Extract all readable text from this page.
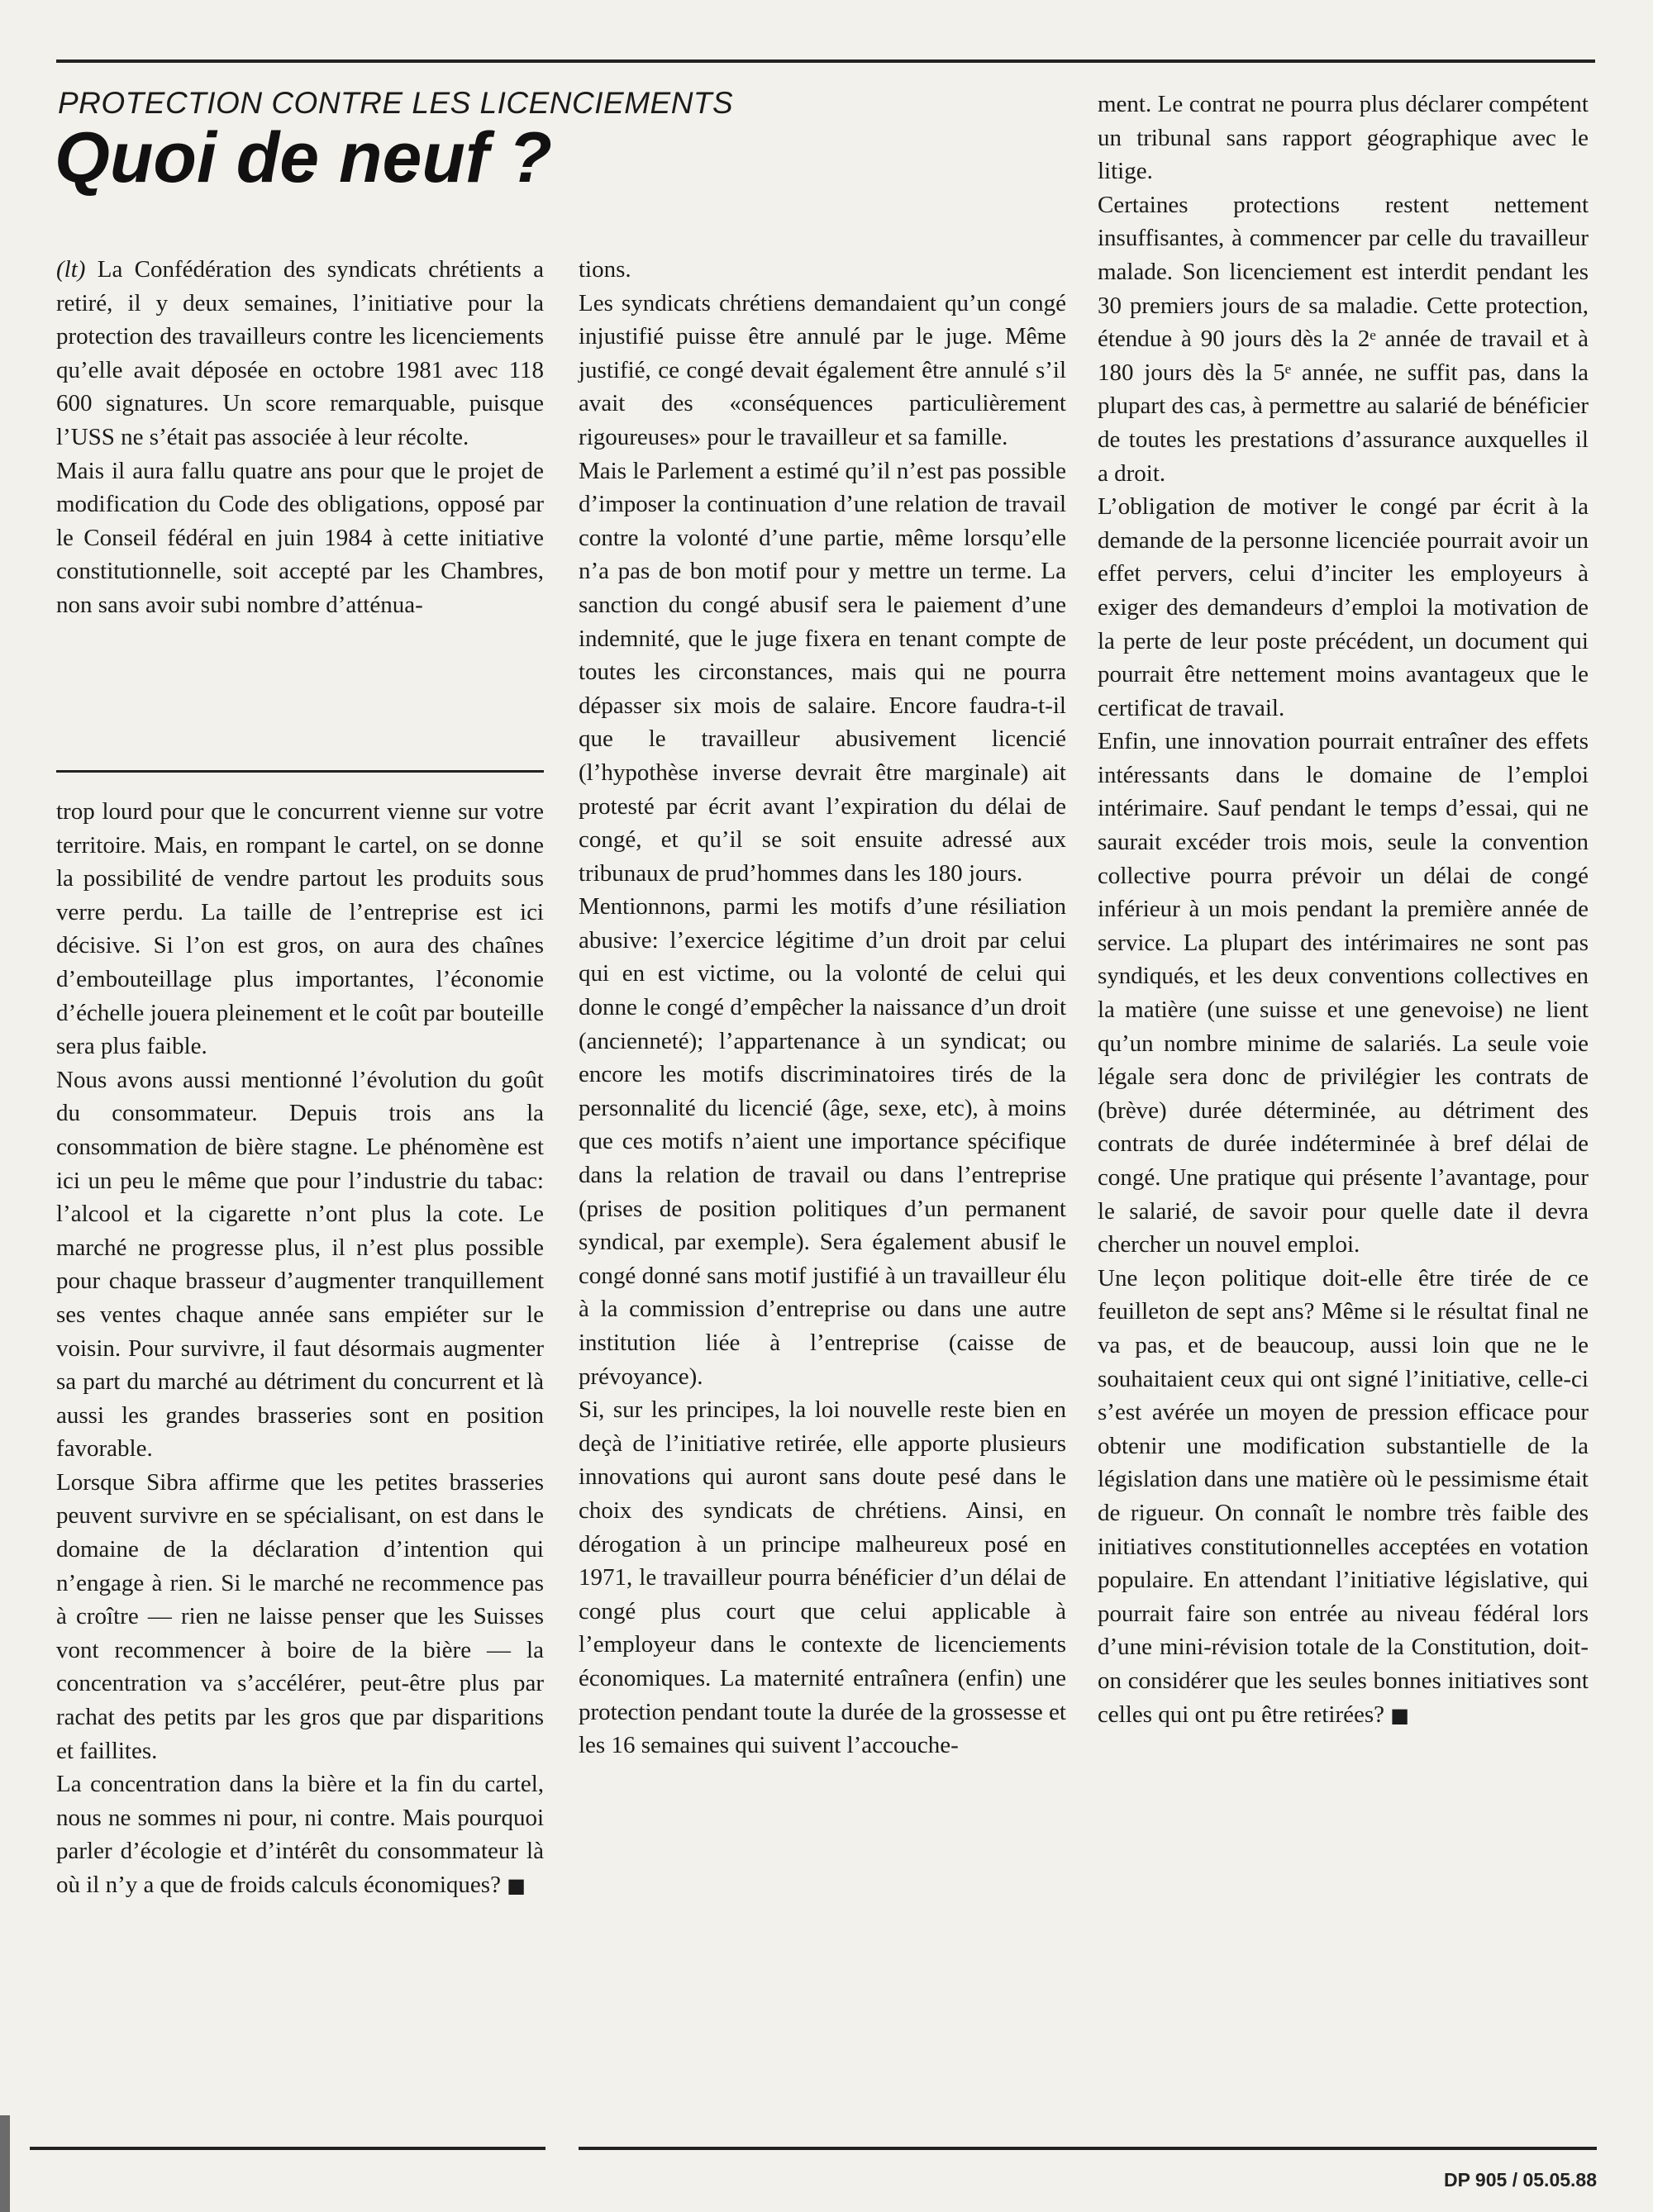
PROTECTION CONTRE LES LICENCIEMENTS
Quoi de neuf ?

(lt) La Confédération des syndicats chrétients a retiré, il y deux semaines, l’initiative pour la protection des travailleurs contre les licenciements qu’elle avait déposée en octobre 1981 avec 118 600 signatures. Un score remarquable, puisque l’USS ne s’était pas associée à leur récolte.

Mais il aura fallu quatre ans pour que le projet de modification du Code des obligations, opposé par le Conseil fédéral en juin 1984 à cette initiative constitutionnelle, soit accepté par les Chambres, non sans avoir subi nombre d’atténua-

trop lourd pour que le concurrent vienne sur votre territoire. Mais, en rompant le cartel, on se donne la possibilité de vendre partout les produits sous verre perdu. La taille de l’entreprise est ici décisive. Si l’on est gros, on aura des chaînes d’embouteillage plus importantes, l’économie d’échelle jouera pleinement et le coût par bouteille sera plus faible.

Nous avons aussi mentionné l’évolution du goût du consommateur. Depuis trois ans la consommation de bière stagne. Le phénomène est ici un peu le même que pour l’industrie du tabac: l’alcool et la cigarette n’ont plus la cote. Le marché ne progresse plus, il n’est plus possible pour chaque brasseur d’augmenter tranquillement ses ventes chaque année sans empiéter sur le voisin. Pour survivre, il faut désormais augmenter sa part du marché au détriment du concurrent et là aussi les grandes brasseries sont en position favorable.

Lorsque Sibra affirme que les petites brasseries peuvent survivre en se spécialisant, on est dans le domaine de la déclaration d’intention qui n’engage à rien. Si le marché ne recommence pas à croître — rien ne laisse penser que les Suisses vont recommencer à boire de la bière — la concentration va s’accélérer, peut-être plus par rachat des petits par les gros que par disparitions et faillites.

La concentration dans la bière et la fin du cartel, nous ne sommes ni pour, ni contre. Mais pourquoi parler d’écologie et d’intérêt du consommateur là où il n’y a que de froids calculs économiques? ■

tions.

Les syndicats chrétiens demandaient qu’un congé injustifié puisse être annulé par le juge. Même justifié, ce congé devait également être annulé s’il avait des «conséquences particulièrement rigoureuses» pour le travailleur et sa famille.

Mais le Parlement a estimé qu’il n’est pas possible d’imposer la continuation d’une relation de travail contre la volonté d’une partie, même lorsqu’elle n’a pas de bon motif pour y mettre un terme. La sanction du congé abusif sera le paiement d’une indemnité, que le juge fixera en tenant compte de toutes les circonstances, mais qui ne pourra dépasser six mois de salaire. Encore faudra-t-il que le travailleur abusivement licencié (l’hypothèse inverse devrait être marginale) ait protesté par écrit avant l’expiration du délai de congé, et qu’il se soit ensuite adressé aux tribunaux de prud’hommes dans les 180 jours.

Mentionnons, parmi les motifs d’une résiliation abusive: l’exercice légitime d’un droit par celui qui en est victime, ou la volonté de celui qui donne le congé d’empêcher la naissance d’un droit (ancienneté); l’appartenance à un syndicat; ou encore les motifs discriminatoires tirés de la personnalité du licencié (âge, sexe, etc), à moins que ces motifs n’aient une importance spécifique dans la relation de travail ou dans l’entreprise (prises de position politiques d’un permanent syndical, par exemple). Sera également abusif le congé donné sans motif justifié à un travailleur élu à la commission d’entreprise ou dans une autre institution liée à l’entreprise (caisse de prévoyance).

Si, sur les principes, la loi nouvelle reste bien en deçà de l’initiative retirée, elle apporte plusieurs innovations qui auront sans doute pesé dans le choix des syndicats de chrétiens. Ainsi, en dérogation à un principe malheureux posé en 1971, le travailleur pourra bénéficier d’un délai de congé plus court que celui applicable à l’employeur dans le contexte de licenciements économiques. La maternité entraînera (enfin) une protection pendant toute la durée de la grossesse et les 16 semaines qui suivent l’accouche-

ment. Le contrat ne pourra plus déclarer compétent un tribunal sans rapport géographique avec le litige.

Certaines protections restent nettement insuffisantes, à commencer par celle du travailleur malade. Son licenciement est interdit pendant les 30 premiers jours de sa maladie. Cette protection, étendue à 90 jours dès la 2ᵉ année de travail et à 180 jours dès la 5ᵉ année, ne suffit pas, dans la plupart des cas, à permettre au salarié de bénéficier de toutes les prestations d’assurance auxquelles il a droit.

L’obligation de motiver le congé par écrit à la demande de la personne licenciée pourrait avoir un effet pervers, celui d’inciter les employeurs à exiger des demandeurs d’emploi la motivation de la perte de leur poste précédent, un document qui pourrait être nettement moins avantageux que le certificat de travail.

Enfin, une innovation pourrait entraîner des effets intéressants dans le domaine de l’emploi intérimaire. Sauf pendant le temps d’essai, qui ne saurait excéder trois mois, seule la convention collective pourra prévoir un délai de congé inférieur à un mois pendant la première année de service. La plupart des intérimaires ne sont pas syndiqués, et les deux conventions collectives en la matière (une suisse et une genevoise) ne lient qu’un nombre minime de salariés. La seule voie légale sera donc de privilégier les contrats de (brève) durée déterminée, au détriment des contrats de durée indéterminée à bref délai de congé. Une pratique qui présente l’avantage, pour le salarié, de savoir pour quelle date il devra chercher un nouvel emploi.

Une leçon politique doit-elle être tirée de ce feuilleton de sept ans? Même si le résultat final ne va pas, et de beaucoup, aussi loin que ne le souhaitaient ceux qui ont signé l’initiative, celle-ci s’est avérée un moyen de pression efficace pour obtenir une modification substantielle de la législation dans une matière où le pessimisme était de rigueur. On connaît le nombre très faible des initiatives constitutionnelles acceptées en votation populaire. En attendant l’initiative législative, qui pourrait faire son entrée au niveau fédéral lors d’une mini-révision totale de la Constitution, doit-on considérer que les seules bonnes initiatives sont celles qui ont pu être retirées? ■

DP 905 / 05.05.88
